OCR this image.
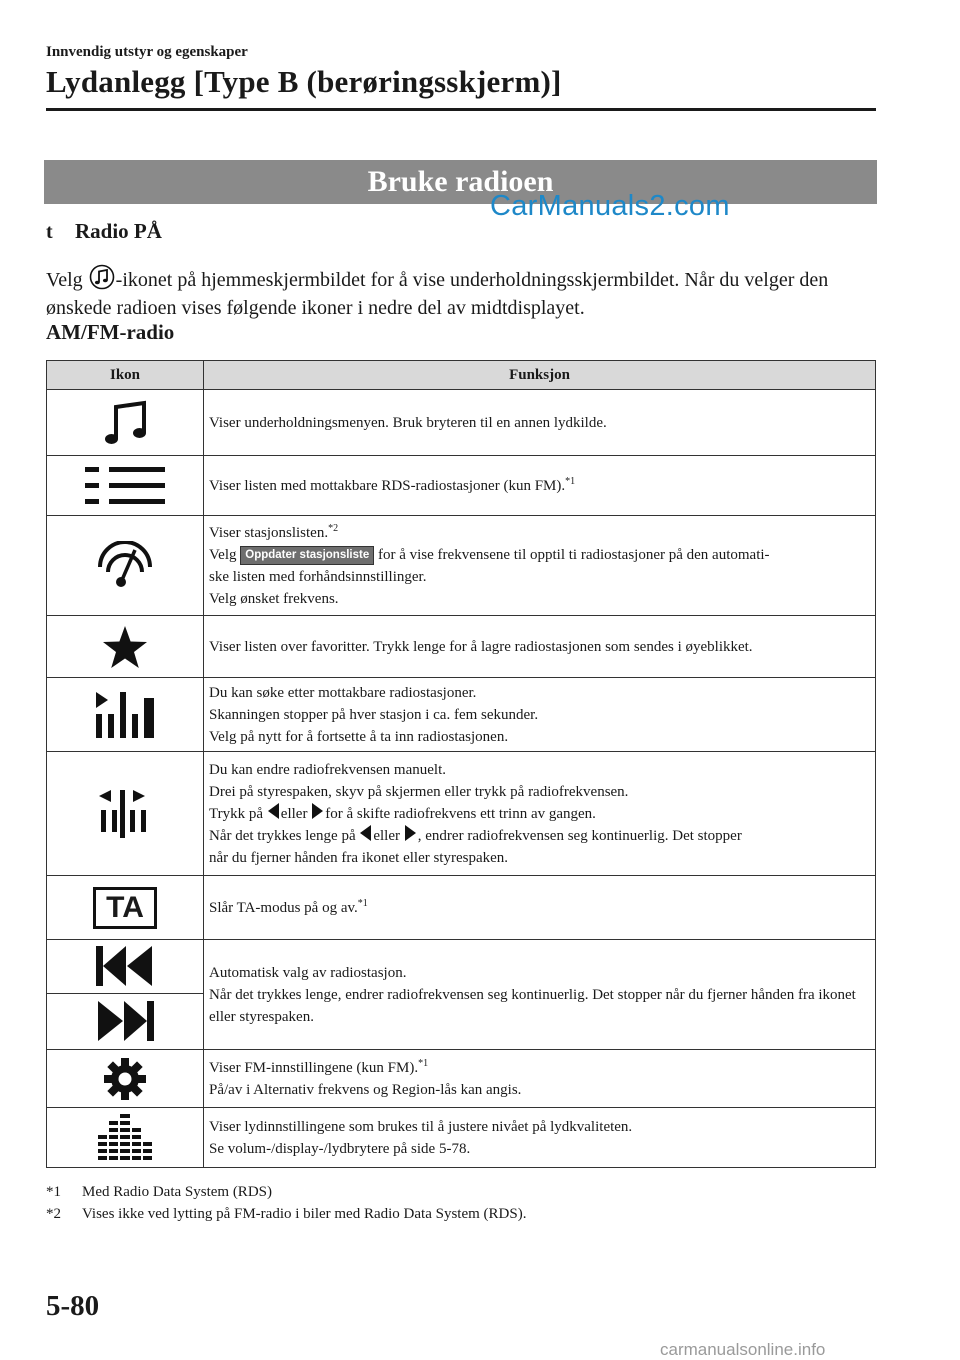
Innvendig utstyr og egenskaper
Lydanlegg [Type B (berøringsskjerm)]
Bruke radioen
CarManuals2.com
t Radio PÅ
Velg -ikonet på hjemmeskjermbildet for å vise underholdningsskjermbildet. Når du velger den ønskede radioen vises følgende ikoner i nedre del av midtdisplayet.
AM/FM-radio
Ikon	Funksjon

	Viser underholdningsmenyen. Bruk bryteren til en annen lydkilde.

	Viser listen med mottakbare RDS-radiostasjoner (kun FM).$^{*1}$

Viser stasjonslisten.$^{*2}$
Velg Oppdater stasjonsliste for å vise frekvensene til opptil ti radiostasjoner på den automati-
ske listen med forhåndsinnstillinger.
Velg ønsket frekvens.

	Viser listen over favoritter. Trykk lenge for å lagre radiostasjonen som sendes i øyeblikket.

Du kan søke etter mottakbare radiostasjoner.
Skanningen stopper på hver stasjon i ca. fem sekunder.
Velg på nytt for å fortsette å ta inn radiostasjonen.

Du kan endre radiofrekvensen manuelt.
Drei på styrespaken, skyv på skjermen eller trykk på radiofrekvensen.
Trykk på eller for å skifte radiofrekvens ett trinn av gangen.
Når det trykkes lenge på eller , endrer radiofrekvensen seg kontinuerlig. Det stopper
når du fjerner hånden fra ikonet eller styrespaken.

TA	Slår TA-modus på og av.$^{*1}$

Automatisk valg av radiostasjon.
Når det trykkes lenge, endrer radiofrekvensen seg kontinuerlig. Det stopper når du fjerner hånden fra ikonet eller styrespaken.

Viser FM-innstillingene (kun FM).$^{*1}$
På/av i Alternativ frekvens og Region-lås kan angis.

Viser lydinnstillingene som brukes til å justere nivået på lydkvaliteten.
Se volum-/display-/lydbrytere på side 5-78.
*1 Med Radio Data System (RDS)
*2 Vises ikke ved lytting på FM-radio i biler med Radio Data System (RDS).
5-80
carmanualsonline.info
